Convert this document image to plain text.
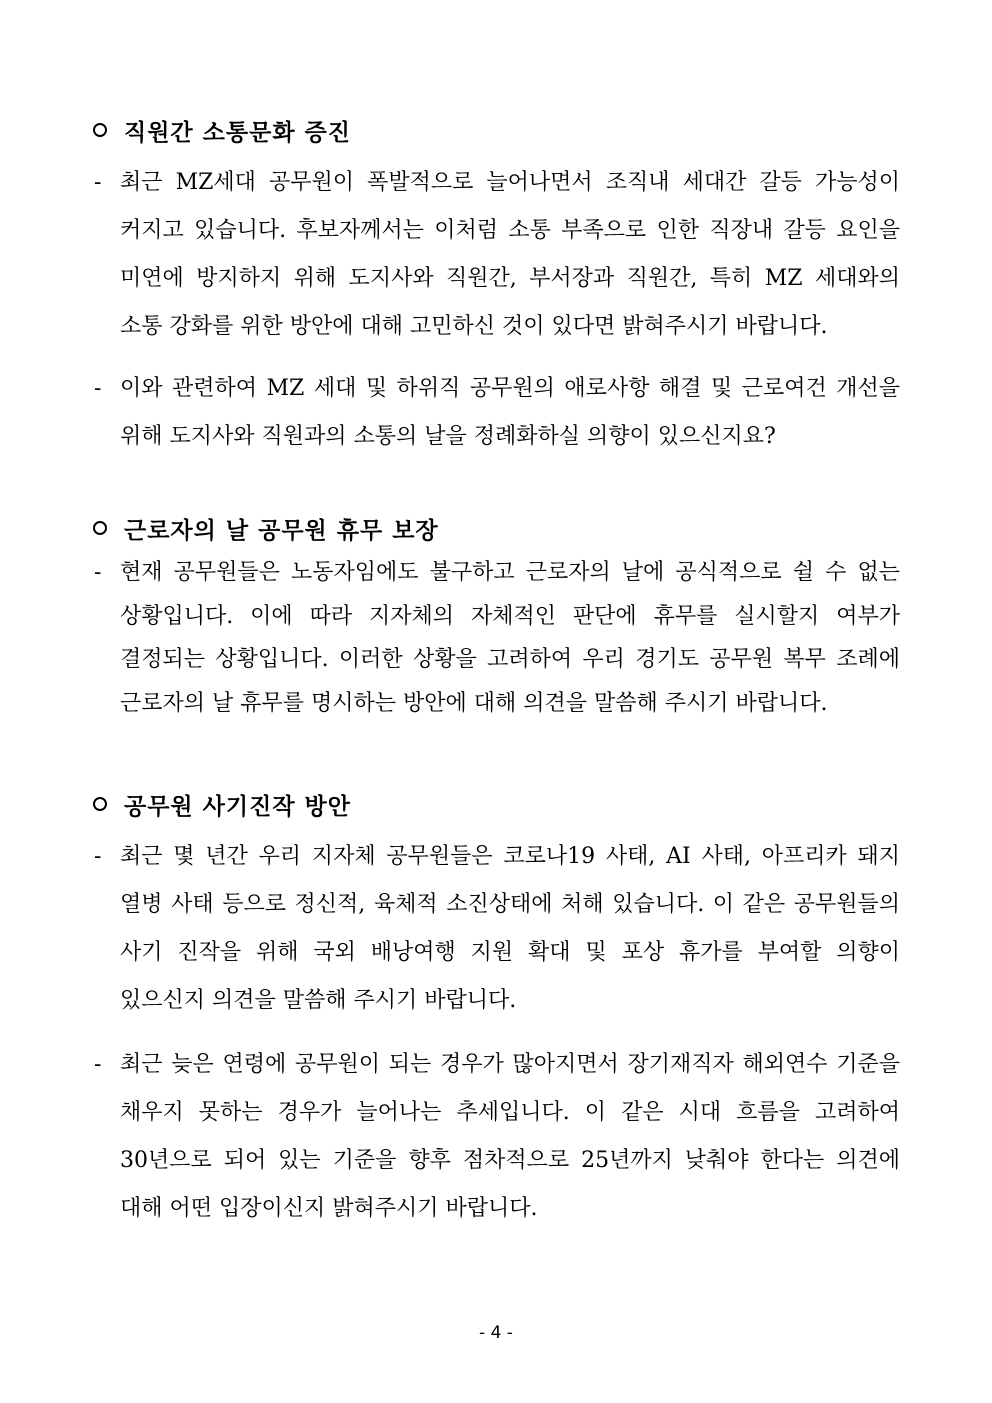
직원간 소통문화 증진
- 최근 MZ세대 공무원이 폭발적으로 늘어나면서 조직내 세대간 갈등 가능성이 커지고 있습니다. 후보자께서는 이처럼 소통 부족으로 인한 직장내 갈등 요인을 미연에 방지하지 위해 도지사와 직원간, 부서장과 직원간, 특히 MZ 세대와의 소통 강화를 위한 방안에 대해 고민하신 것이 있다면 밝혀주시기 바랍니다.
- 이와 관련하여 MZ 세대 및 하위직 공무원의 애로사항 해결 및 근로여건 개선을 위해 도지사와 직원과의 소통의 날을 정례화하실 의향이 있으신지요?
근로자의 날 공무원 휴무 보장
- 현재 공무원들은 노동자임에도 불구하고 근로자의 날에 공식적으로 쉴 수 없는 상황입니다. 이에 따라 지자체의 자체적인 판단에 휴무를 실시할지 여부가 결정되는 상황입니다. 이러한 상황을 고려하여 우리 경기도 공무원 복무 조례에 근로자의 날 휴무를 명시하는 방안에 대해 의견을 말씀해 주시기 바랍니다.
공무원 사기진작 방안
- 최근 몇 년간 우리 지자체 공무원들은 코로나19 사태, AI 사태, 아프리카 돼지 열병 사태 등으로 정신적, 육체적 소진상태에 처해 있습니다. 이 같은 공무원들의 사기 진작을 위해 국외 배낭여행 지원 확대 및 포상 휴가를 부여할 의향이 있으신지 의견을 말씀해 주시기 바랍니다.
- 최근 늦은 연령에 공무원이 되는 경우가 많아지면서 장기재직자 해외연수 기준을 채우지 못하는 경우가 늘어나는 추세입니다. 이 같은 시대 흐름을 고려하여 30년으로 되어 있는 기준을 향후 점차적으로 25년까지 낮춰야 한다는 의견에 대해 어떤 입장이신지 밝혀주시기 바랍니다.
- 4 -
